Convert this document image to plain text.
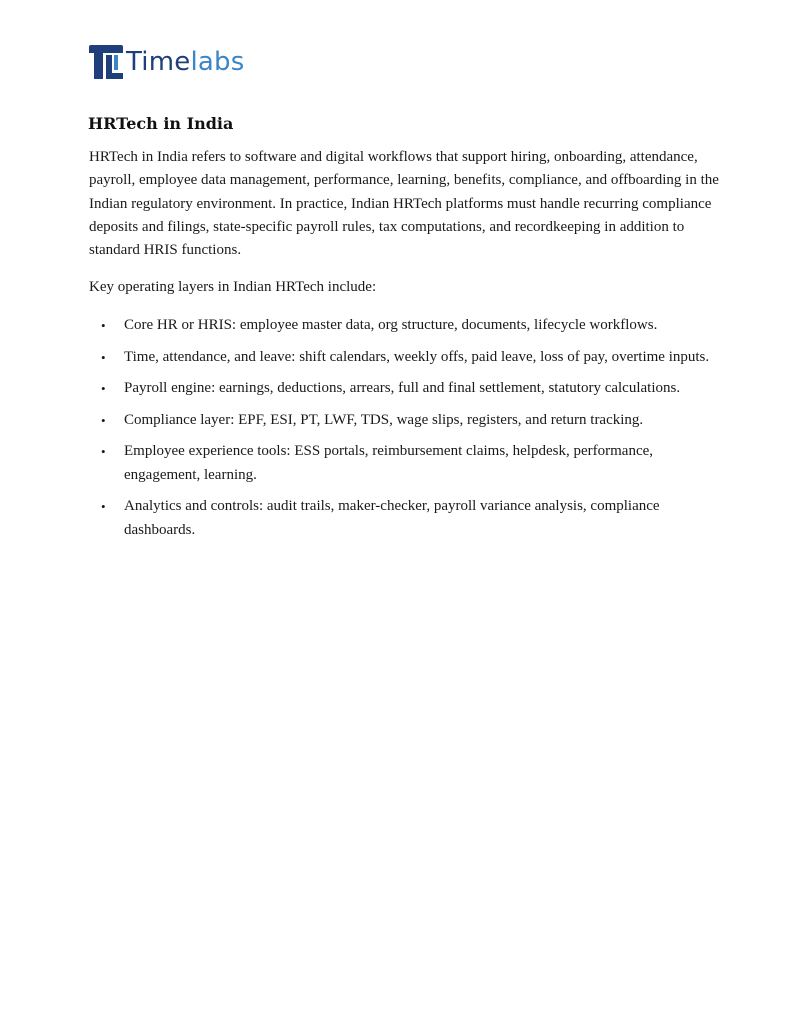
Timelabs
HRTech in India

HRTech in India refers to software and digital workflows that support hiring, onboarding, attendance, payroll, employee data management, performance, learning, benefits, compliance, and offboarding in the Indian regulatory environment. In practice, Indian HRTech platforms must handle recurring compliance deposits and filings, state-specific payroll rules, tax computations, and recordkeeping in addition to standard HRIS functions.

Key operating layers in Indian HRTech include:

• Core HR or HRIS: employee master data, org structure, documents, lifecycle workflows.
• Time, attendance, and leave: shift calendars, weekly offs, paid leave, loss of pay, overtime inputs.
• Payroll engine: earnings, deductions, arrears, full and final settlement, statutory calculations.
• Compliance layer: EPF, ESI, PT, LWF, TDS, wage slips, registers, and return tracking.
• Employee experience tools: ESS portals, reimbursement claims, helpdesk, performance, engagement, learning.
• Analytics and controls: audit trails, maker-checker, payroll variance analysis, compliance dashboards.
